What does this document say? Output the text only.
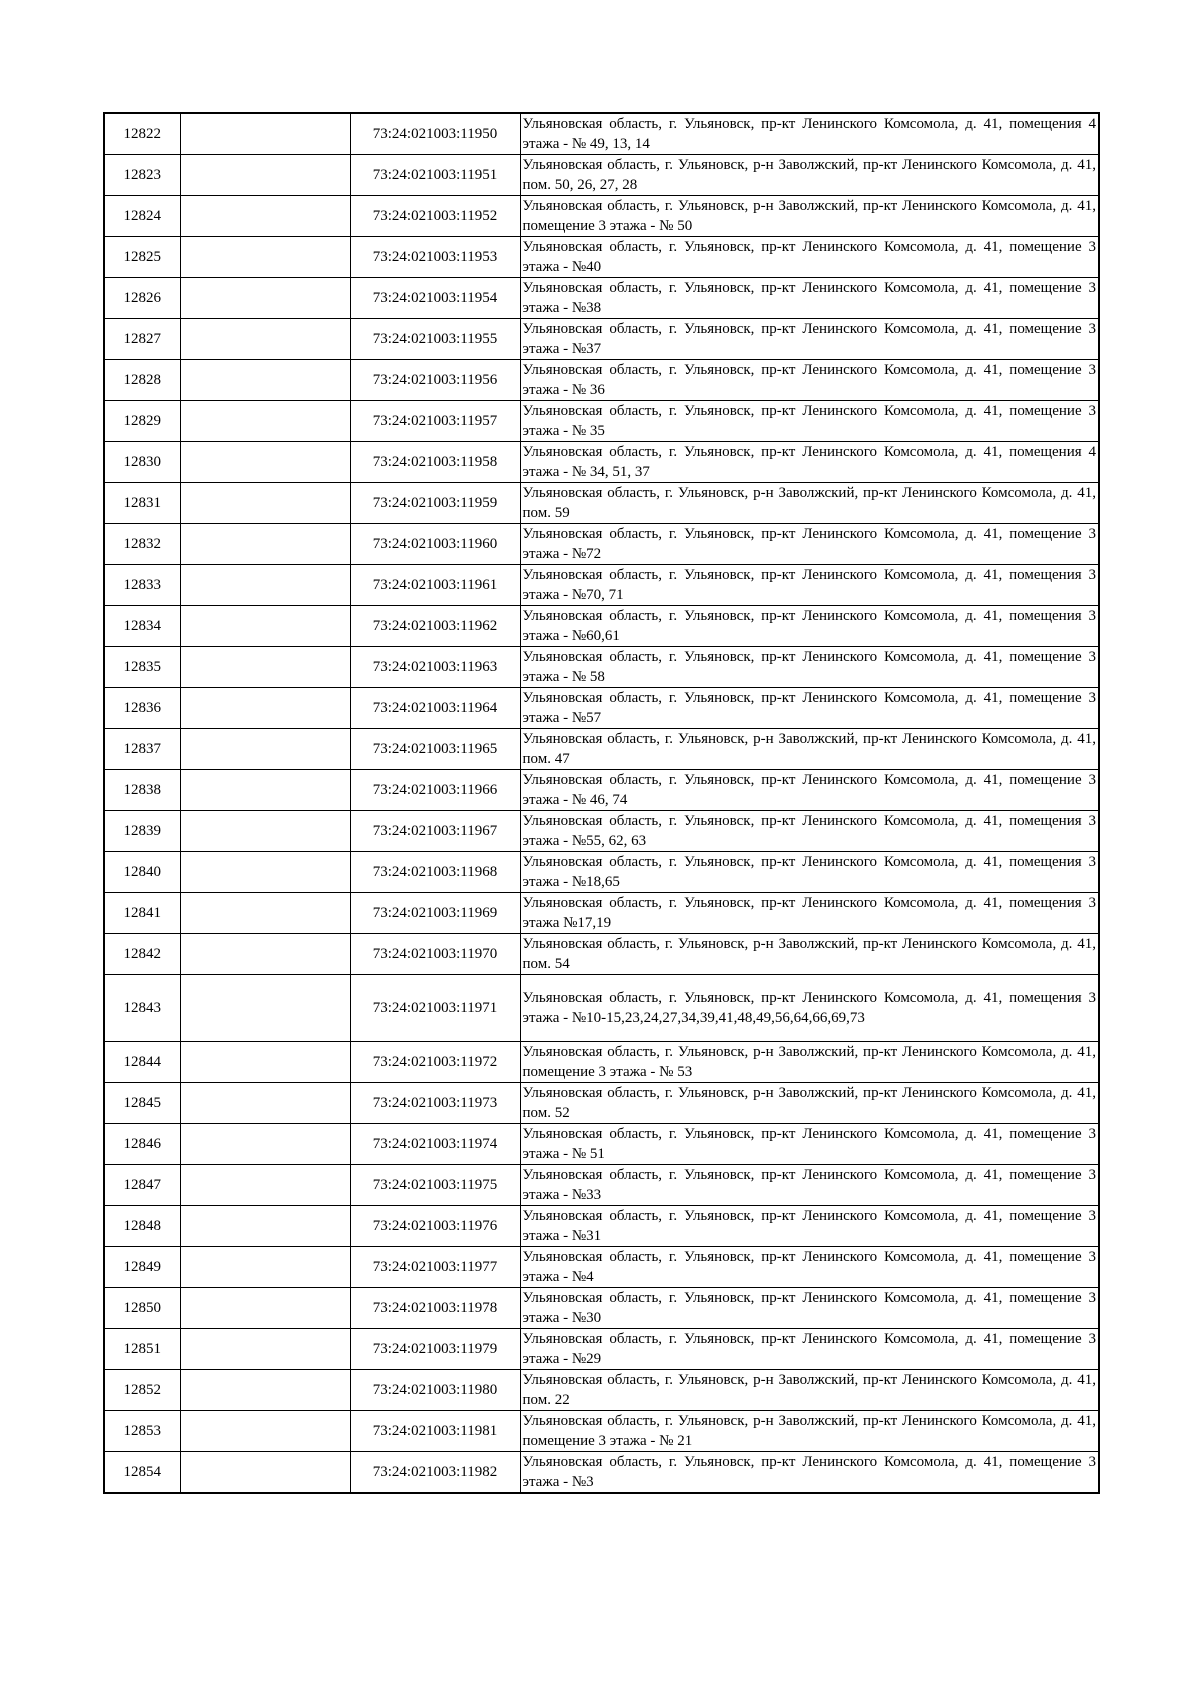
12822		73:24:021003:11950	Ульяновская область, г. Ульяновск, пр-кт Ленинского Комсомола, д. 41, помещения 4 этажа - № 49, 13, 14

12823		73:24:021003:11951	Ульяновская область, г. Ульяновск, р-н Заволжский, пр-кт Ленинского Комсомола, д. 41, пом. 50, 26, 27, 28

12824		73:24:021003:11952	Ульяновская область, г. Ульяновск, р-н Заволжский, пр-кт Ленинского Комсомола, д. 41, помещение 3 этажа - № 50

12825		73:24:021003:11953	Ульяновская область, г. Ульяновск, пр-кт Ленинского Комсомола, д. 41, помещение 3 этажа - №40

12826		73:24:021003:11954	Ульяновская область, г. Ульяновск, пр-кт Ленинского Комсомола, д. 41, помещение 3 этажа - №38

12827		73:24:021003:11955	Ульяновская область, г. Ульяновск, пр-кт Ленинского Комсомола, д. 41, помещение 3 этажа - №37

12828		73:24:021003:11956	Ульяновская область, г. Ульяновск, пр-кт Ленинского Комсомола, д. 41, помещение 3 этажа - № 36

12829		73:24:021003:11957	Ульяновская область, г. Ульяновск, пр-кт Ленинского Комсомола, д. 41, помещение 3 этажа - № 35

12830		73:24:021003:11958	Ульяновская область, г. Ульяновск, пр-кт Ленинского Комсомола, д. 41, помещения 4 этажа - № 34, 51, 37

12831		73:24:021003:11959	Ульяновская область, г. Ульяновск, р-н Заволжский, пр-кт Ленинского Комсомола, д. 41, пом. 59

12832		73:24:021003:11960	Ульяновская область, г. Ульяновск, пр-кт Ленинского Комсомола, д. 41, помещение 3 этажа - №72

12833		73:24:021003:11961	Ульяновская область, г. Ульяновск, пр-кт Ленинского Комсомола, д. 41, помещения 3 этажа - №70, 71

12834		73:24:021003:11962	Ульяновская область, г. Ульяновск, пр-кт Ленинского Комсомола, д. 41, помещения 3 этажа - №60,61

12835		73:24:021003:11963	Ульяновская область, г. Ульяновск, пр-кт Ленинского Комсомола, д. 41, помещение 3 этажа - № 58

12836		73:24:021003:11964	Ульяновская область, г. Ульяновск, пр-кт Ленинского Комсомола, д. 41, помещение 3 этажа - №57

12837		73:24:021003:11965	Ульяновская область, г. Ульяновск, р-н Заволжский, пр-кт Ленинского Комсомола, д. 41, пом. 47

12838		73:24:021003:11966	Ульяновская область, г. Ульяновск, пр-кт Ленинского Комсомола, д. 41, помещение 3 этажа - № 46, 74

12839		73:24:021003:11967	Ульяновская область, г. Ульяновск, пр-кт Ленинского Комсомола, д. 41, помещения 3 этажа - №55, 62, 63

12840		73:24:021003:11968	Ульяновская область, г. Ульяновск, пр-кт Ленинского Комсомола, д. 41, помещения 3 этажа - №18,65

12841		73:24:021003:11969	Ульяновская область, г. Ульяновск, пр-кт Ленинского Комсомола, д. 41, помещения 3 этажа №17,19

12842		73:24:021003:11970	Ульяновская область, г. Ульяновск, р-н Заволжский, пр-кт Ленинского Комсомола, д. 41, пом. 54

12843		73:24:021003:11971	Ульяновская область, г. Ульяновск, пр-кт Ленинского Комсомола, д. 41, помещения 3 этажа - №10-15,23,24,27,34,39,41,48,49,56,64,66,69,73

12844		73:24:021003:11972	Ульяновская область, г. Ульяновск, р-н Заволжский, пр-кт Ленинского Комсомола, д. 41, помещение 3 этажа - № 53

12845		73:24:021003:11973	Ульяновская область, г. Ульяновск, р-н Заволжский, пр-кт Ленинского Комсомола, д. 41, пом. 52

12846		73:24:021003:11974	Ульяновская область, г. Ульяновск, пр-кт Ленинского Комсомола, д. 41, помещение 3 этажа - № 51

12847		73:24:021003:11975	Ульяновская область, г. Ульяновск, пр-кт Ленинского Комсомола, д. 41, помещение 3 этажа - №33

12848		73:24:021003:11976	Ульяновская область, г. Ульяновск, пр-кт Ленинского Комсомола, д. 41, помещение 3 этажа - №31

12849		73:24:021003:11977	Ульяновская область, г. Ульяновск, пр-кт Ленинского Комсомола, д. 41, помещение 3 этажа - №4

12850		73:24:021003:11978	Ульяновская область, г. Ульяновск, пр-кт Ленинского Комсомола, д. 41, помещение 3 этажа - №30

12851		73:24:021003:11979	Ульяновская область, г. Ульяновск, пр-кт Ленинского Комсомола, д. 41, помещение 3 этажа - №29

12852		73:24:021003:11980	Ульяновская область, г. Ульяновск, р-н Заволжский, пр-кт Ленинского Комсомола, д. 41, пом. 22

12853		73:24:021003:11981	Ульяновская область, г. Ульяновск, р-н Заволжский, пр-кт Ленинского Комсомола, д. 41, помещение 3 этажа - № 21

12854		73:24:021003:11982	Ульяновская область, г. Ульяновск, пр-кт Ленинского Комсомола, д. 41, помещение 3 этажа - №3
